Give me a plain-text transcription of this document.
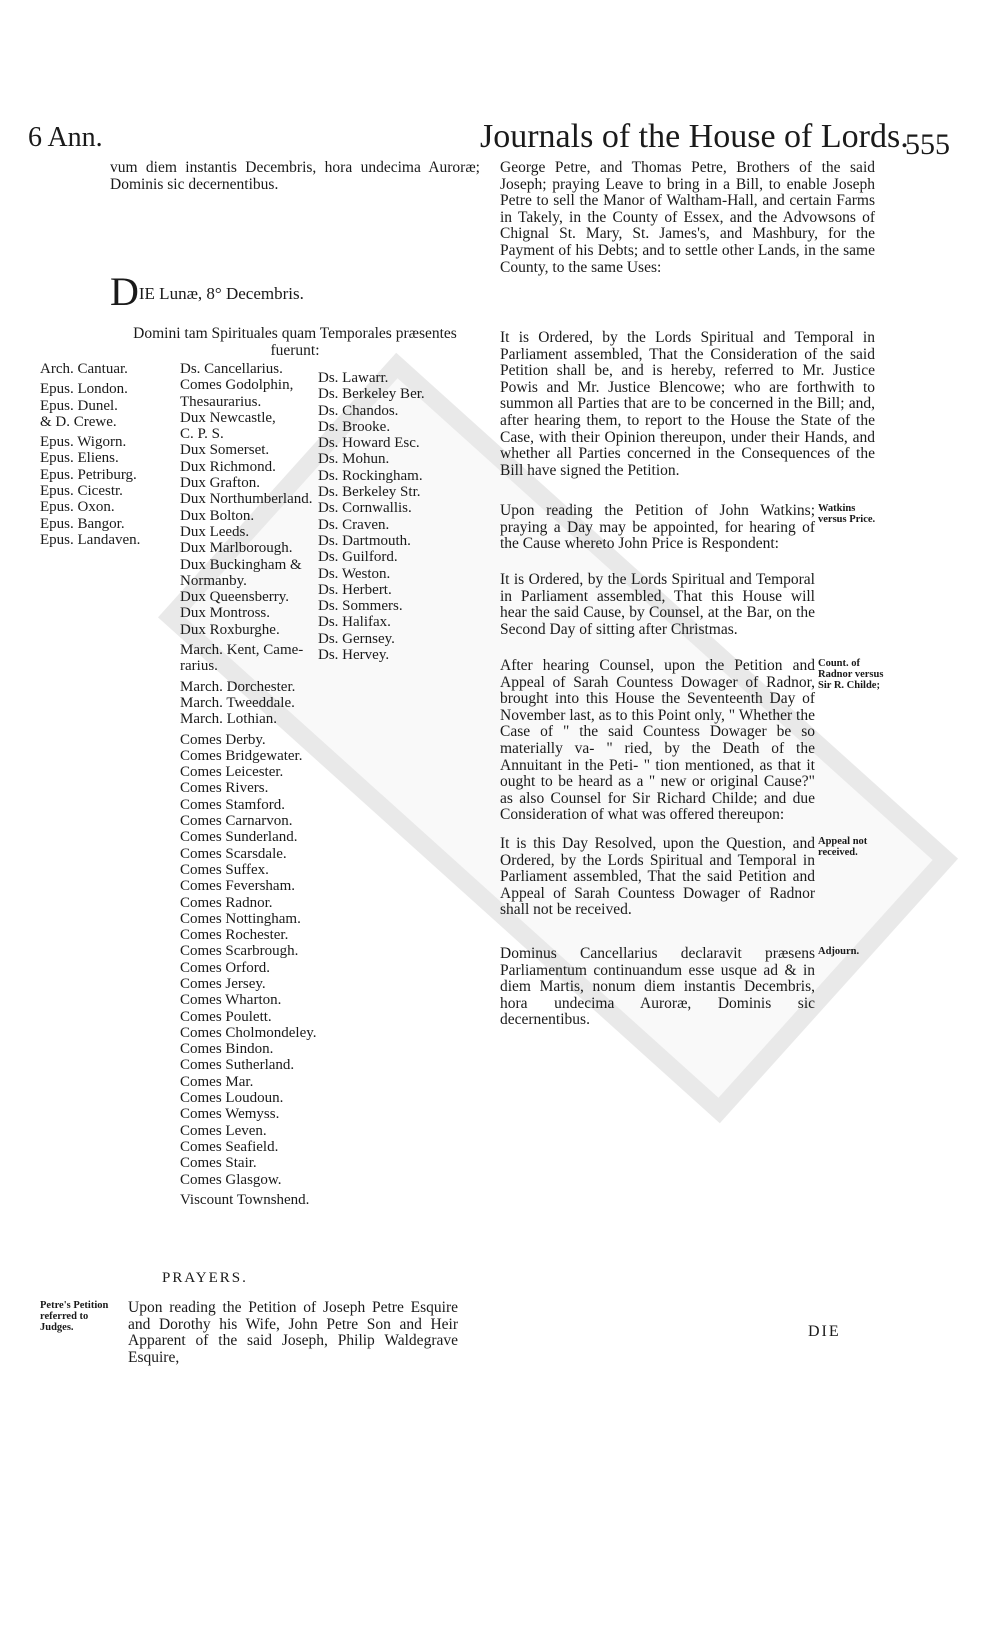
6 Ann.	Journals of the House of Lords.
555
vum diem instantis Decembris, hora undecima Auroræ; Dominis sic decernentibus.
DIE Lunæ, 8° Decembris.
Domini tam Spirituales quam Temporales præsentes fuerunt:
Arch. Cantuar.
Epus. London.
Epus. Dunel.
& D. Crewe.
Epus. Wigorn.
Epus. Eliens.
Epus. Petriburg.
Epus. Cicestr.
Epus. Oxon.
Epus. Bangor.
Epus. Landaven.
Ds. Cancellarius.
Comes Godolphin,
Thesaurarius.
Dux Newcastle,
C. P. S.
Dux Somerset.
Dux Richmond.
Dux Grafton.
Dux Northumberland.
Dux Bolton.
Dux Leeds.
Dux Marlborough.
Dux Buckingham &
Normanby.
Dux Queensberry.
Dux Montross.
Dux Roxburghe.
March. Kent, Came-
rarius.
March. Dorchester.
March. Tweeddale.
March. Lothian.
Comes Derby.
Comes Bridgewater.
Comes Leicester.
Comes Rivers.
Comes Stamford.
Comes Carnarvon.
Comes Sunderland.
Comes Scarsdale.
Comes Suffex.
Comes Feversham.
Comes Radnor.
Comes Nottingham.
Comes Rochester.
Comes Scarbrough.
Comes Orford.
Comes Jersey.
Comes Wharton.
Comes Poulett.
Comes Cholmondeley.
Comes Bindon.
Comes Sutherland.
Comes Mar.
Comes Loudoun.
Comes Wemyss.
Comes Leven.
Comes Seafield.
Comes Stair.
Comes Glasgow.
Viscount Townshend.
Ds. Lawarr.
Ds. Berkeley Ber.
Ds. Chandos.
Ds. Brooke.
Ds. Howard Esc.
Ds. Mohun.
Ds. Rockingham.
Ds. Berkeley Str.
Ds. Cornwallis.
Ds. Craven.
Ds. Dartmouth.
Ds. Guilford.
Ds. Weston.
Ds. Herbert.
Ds. Sommers.
Ds. Halifax.
Ds. Gernsey.
Ds. Hervey.
PRAYERS.
Petre's Petition referred to Judges.
Upon reading the Petition of Joseph Petre Esquire and Dorothy his Wife, John Petre Son and Heir Apparent of the said Joseph, Philip Waldegrave Esquire,
George Petre, and Thomas Petre, Brothers of the said Joseph; praying Leave to bring in a Bill, to enable Joseph Petre to sell the Manor of Waltham-Hall, and certain Farms in Takely, in the County of Essex, and the Advowsons of Chignal St. Mary, St. James's, and Mashbury, for the Payment of his Debts; and to settle other Lands, in the same County, to the same Uses:
It is Ordered, by the Lords Spiritual and Temporal in Parliament assembled, That the Consideration of the said Petition shall be, and is hereby, referred to Mr. Justice Powis and Mr. Justice Blencowe; who are forthwith to summon all Parties that are to be concerned in the Bill; and, after hearing them, to report to the House the State of the Case, with their Opinion thereupon, under their Hands, and whether all Parties concerned in the Consequences of the Bill have signed the Petition.
Watkins versus Price.
Upon reading the Petition of John Watkins; praying a Day may be appointed, for hearing of the Cause whereto John Price is Respondent:
It is Ordered, by the Lords Spiritual and Temporal in Parliament assembled, That this House will hear the said Cause, by Counsel, at the Bar, on the Second Day of sitting after Christmas.
Count. of Radnor versus Sir R. Childe;
After hearing Counsel, upon the Petition and Appeal of Sarah Countess Dowager of Radnor, brought into this House the Seventeenth Day of November last, as to this Point only, " Whether the Case of " the said Countess Dowager be so materially va- " ried, by the Death of the Annuitant in the Peti- " tion mentioned, as that it ought to be heard as a " new or original Cause?" as also Counsel for Sir Richard Childe; and due Consideration of what was offered thereupon:
Appeal not received.
It is this Day Resolved, upon the Question, and Ordered, by the Lords Spiritual and Temporal in Parliament assembled, That the said Petition and Appeal of Sarah Countess Dowager of Radnor shall not be received.
Adjourn.
Dominus Cancellarius declaravit præsens Parliamentum continuandum esse usque ad & in diem Martis, nonum diem instantis Decembris, hora undecima Auroræ, Dominis sic decernentibus.
DIE
